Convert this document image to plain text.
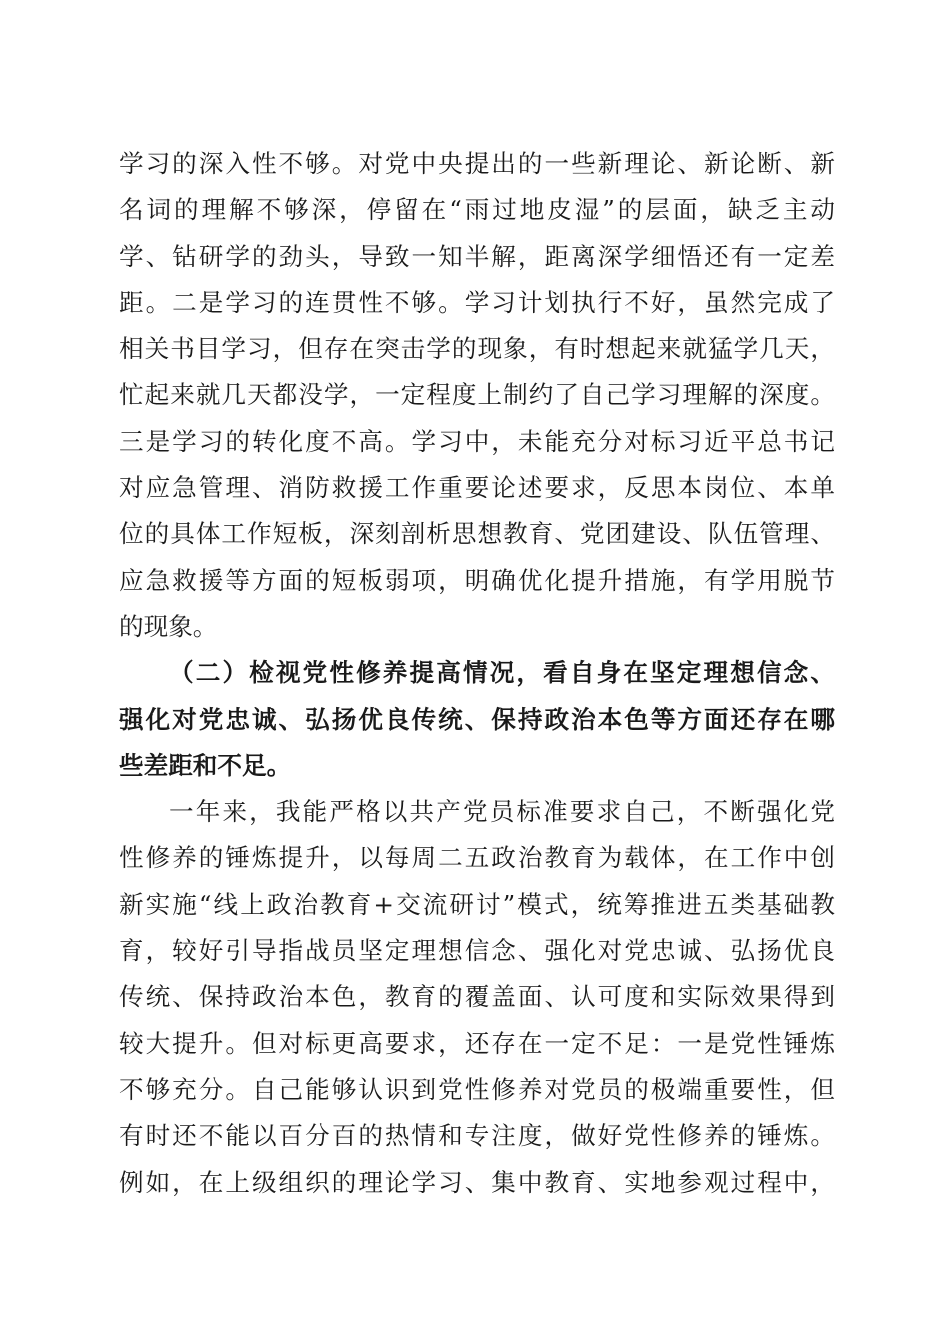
学习的深入性不够。对党中央提出的一些新理论、新论断、新
名词的理解不够深，停留在“雨过地皮湿”的层面，缺乏主动
学、钻研学的劲头，导致一知半解，距离深学细悟还有一定差
距。二是学习的连贯性不够。学习计划执行不好，虽然完成了
相关书目学习，但存在突击学的现象，有时想起来就猛学几天，
忙起来就几天都没学，一定程度上制约了自己学习理解的深度。
三是学习的转化度不高。学习中，未能充分对标习近平总书记
对应急管理、消防救援工作重要论述要求，反思本岗位、本单
位的具体工作短板，深刻剖析思想教育、党团建设、队伍管理、
应急救援等方面的短板弱项，明确优化提升措施，有学用脱节
的现象。
（二）检视党性修养提高情况，看自身在坚定理想信念、
强化对党忠诚、弘扬优良传统、保持政治本色等方面还存在哪
些差距和不足。
一年来，我能严格以共产党员标准要求自己，不断强化党
性修养的锤炼提升，以每周二五政治教育为载体，在工作中创
新实施“线上政治教育+交流研讨”模式，统筹推进五类基础教
育，较好引导指战员坚定理想信念、强化对党忠诚、弘扬优良
传统、保持政治本色，教育的覆盖面、认可度和实际效果得到
较大提升。但对标更高要求，还存在一定不足：一是党性锤炼
不够充分。自己能够认识到党性修养对党员的极端重要性，但
有时还不能以百分百的热情和专注度，做好党性修养的锤炼。
例如，在上级组织的理论学习、集中教育、实地参观过程中，
